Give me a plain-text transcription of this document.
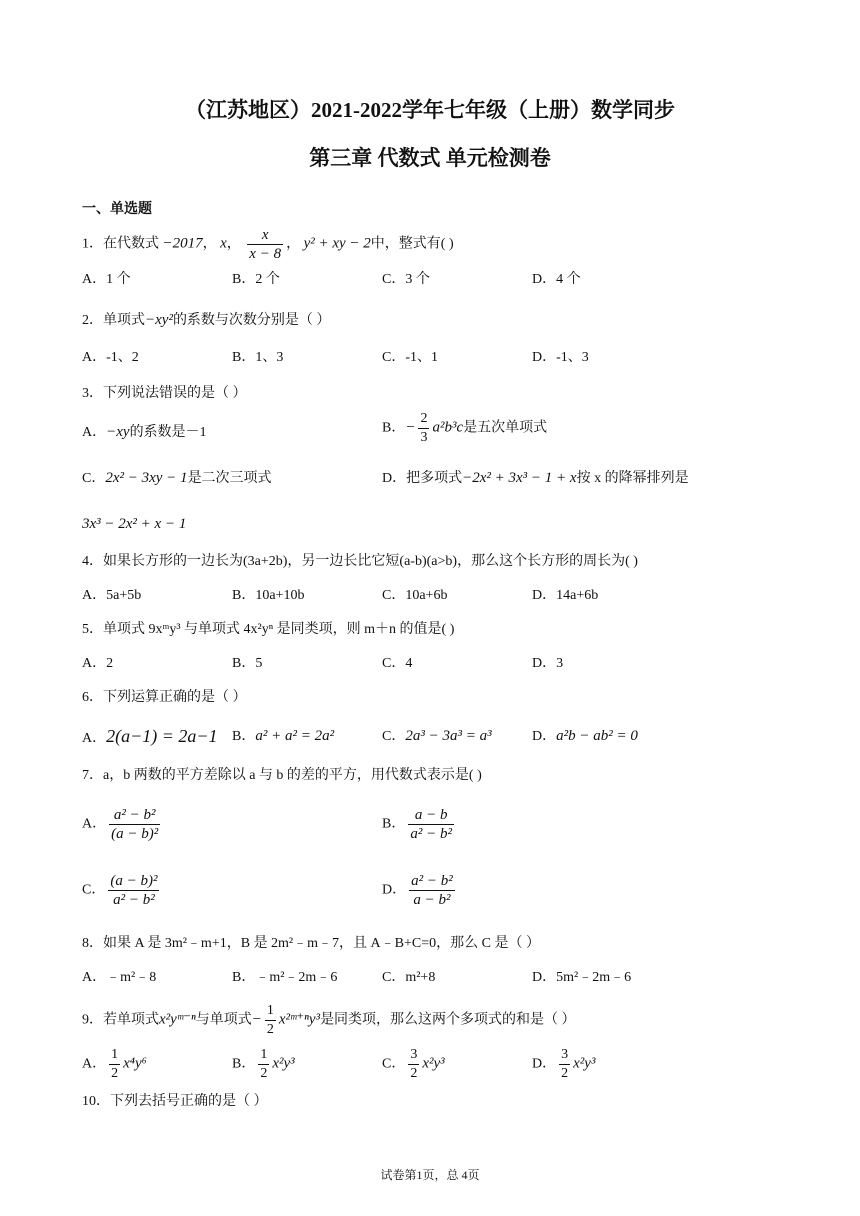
（江苏地区）2021-2022学年七年级（上册）数学同步
第三章 代数式 单元检测卷
一、单选题
1．在代数式 −2017， x， $\frac{x}{x - 8}$ ， y² + xy − 2中，整式有( )
A．1 个	B．2 个	C．3 个	D．4 个
2．单项式−xy²的系数与次数分别是（ ）
A．-1、2	B．1、3	C．-1、1	D．-1、3
3．下列说法错误的是（ ）
A．−xy的系数是－1	B．− $\frac{2}{3} a^2b^3c$是五次单项式
C．2x² − 3xy − 1是二次三项式	D．把多项式−2x² + 3x³ − 1 + x按 x 的降幂排列是
3x³ − 2x² + x − 1
4．如果长方形的一边长为(3a+2b)，另一边长比它短(a-b)(a>b)，那么这个长方形的周长为( )
A．5a+5b	B．10a+10b	C．10a+6b	D．14a+6b
5．单项式 9xᵐy³ 与单项式 4x²yⁿ 是同类项，则 m＋n 的值是( )
A．2	B．5	C．4	D．3
6．下列运算正确的是（ ）
A．2(a−1) = 2a−1 B．a² + a² = 2a²	C．2a³ − 3a³ = a³	D．a²b − ab² = 0
7．a，b 两数的平方差除以 a 与 b 的差的平方，用代数式表示是( )
A． $\frac{\text{a² − b²}}{\text{(a − b)²}}$	B． $\frac{a - b}{\text{a² − b²}}$
C． $\frac{\text{(a − b)²}}{\text{a² − b²}}$	D． $\frac{\text{a² − b²}}{\text{a − b²}}$
8．如果 A 是 3m²﹣m+1，B 是 2m²﹣m﹣7，且 A﹣B+C=0，那么 C 是（ ）
A．﹣m²﹣8	B．﹣m²﹣2m﹣6	C．m²+8	D．5m²﹣2m﹣6
9．若单项式x²yᵐ⁻ⁿ与单项式− $\frac{1}{2}$ x²ᵐ⁺ⁿy³是同类项，那么这两个多项式的和是（ ）
A． $\frac{1}{2} x^4y^6$	B． $\frac{1}{2} x^2y^3$	C． $\frac{3}{2} x^2y^3$	D． $\frac{3}{2} x^2y^3$
10．下列去括号正确的是（ ）
试卷第1页，总 4页
